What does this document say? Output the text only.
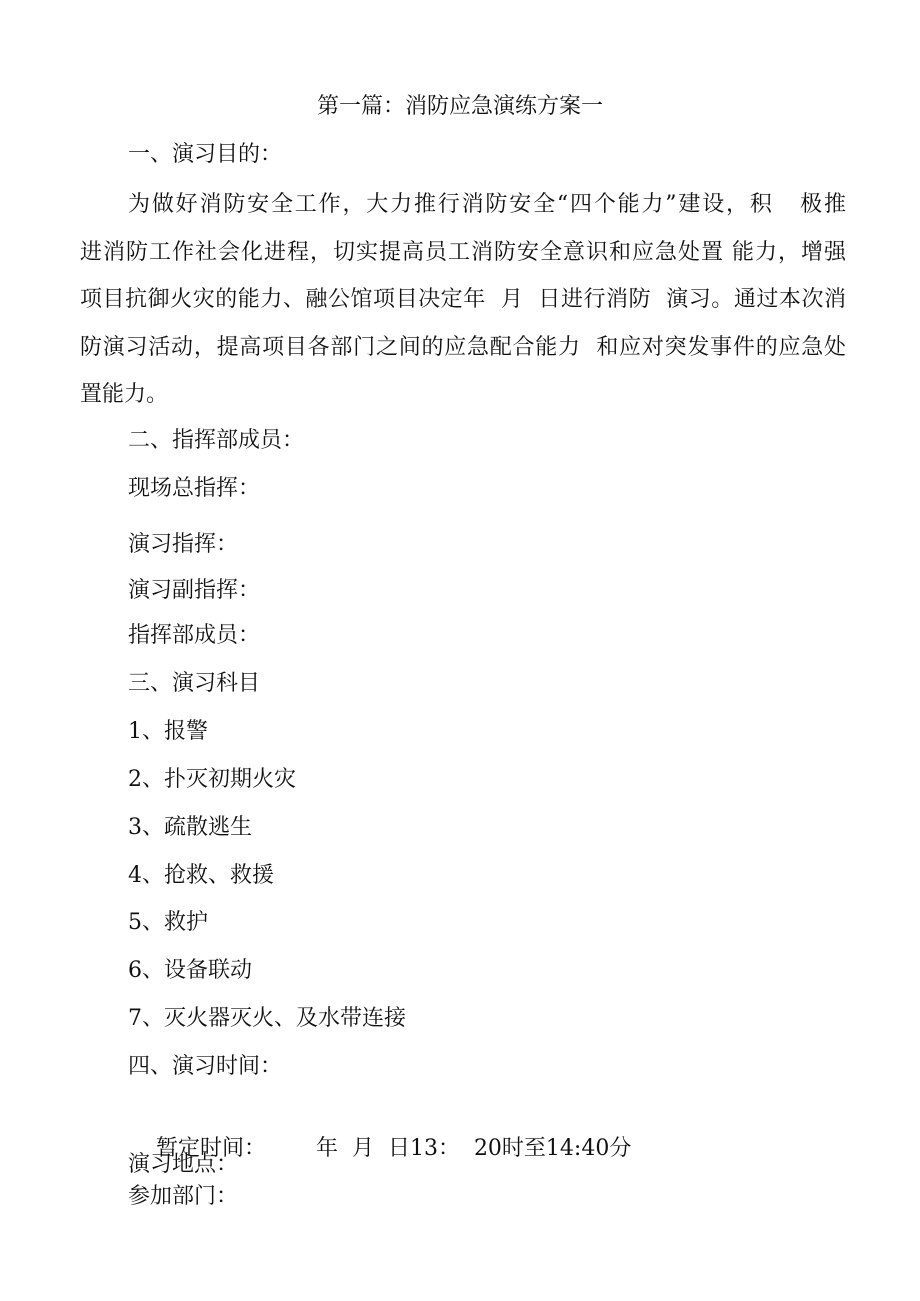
第一篇：消防应急演练方案一

一、演习目的：

为做好消防安全工作，大力推行消防安全“四个能力”建设，积   极推
进消防工作社会化进程，切实提高员工消防安全意识和应急处置 能力，增强
项目抗御火灾的能力、融公馆项目决定年  月  日进行消防  演习。通过本次消
防演习活动，提高项目各部门之间的应急配合能力  和应对突发事件的应急处
置能力。

二、指挥部成员：

现场总指挥：

演习指挥：

演习副指挥：

指挥部成员：

三、演习科目

1、报警

2、扑灭初期火灾

3、疏散逃生

4、抢救、救援

5、救护

6、设备联动

7、灭火器灭火、及水带连接

四、演习时间：

暂定时间： 年  月  日13：  20时至14:40分

演习地点：

参加部门：
